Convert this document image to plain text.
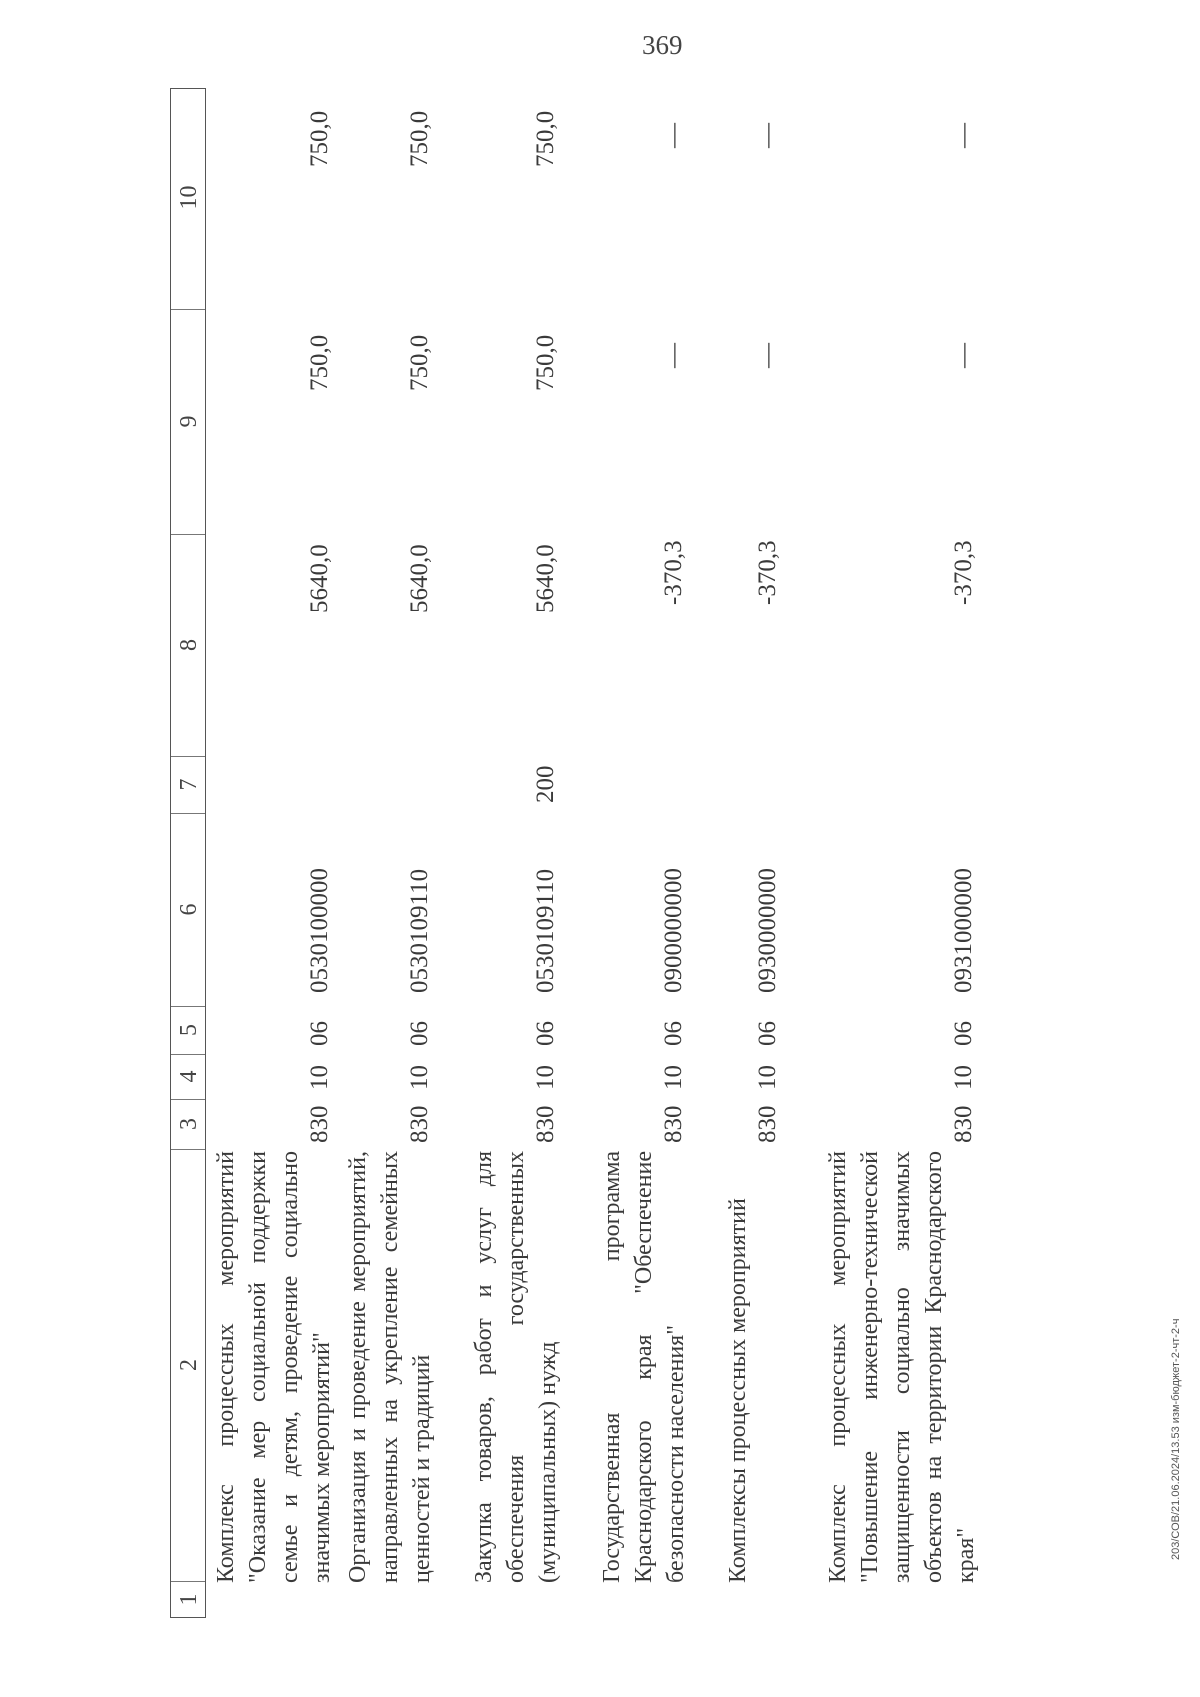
369
203/СОВ/21.06.2024/13.53 изм-бюджет-2-чт-2-ч
1
2
3
4
5
6
7
8
9
10
Комплекс процессных мероприятий "Оказание мер социальной поддержки семье и детям, проведение социально значимых мероприятий"
830
10
06
0530100000
5640,0
750,0
750,0
Организация и проведение мероприятий, направленных на укрепление семейных ценностей и традиций
830
10
06
0530109110
5640,0
750,0
750,0
Закупка товаров, работ и услуг для обеспечения государственных (муниципальных) нужд
830
10
06
0530109110
200
5640,0
750,0
750,0
Государственная программа Краснодарского края "Обеспечение безопасности населения"
830
10
06
0900000000
-370,3
—
—
Комплексы процессных мероприятий
830
10
06
0930000000
-370,3
—
—
Комплекс процессных мероприятий "Повышение инженерно-технической защищенности социально значимых объектов на территории Краснодарского края"
830
10
06
0931000000
-370,3
—
—
